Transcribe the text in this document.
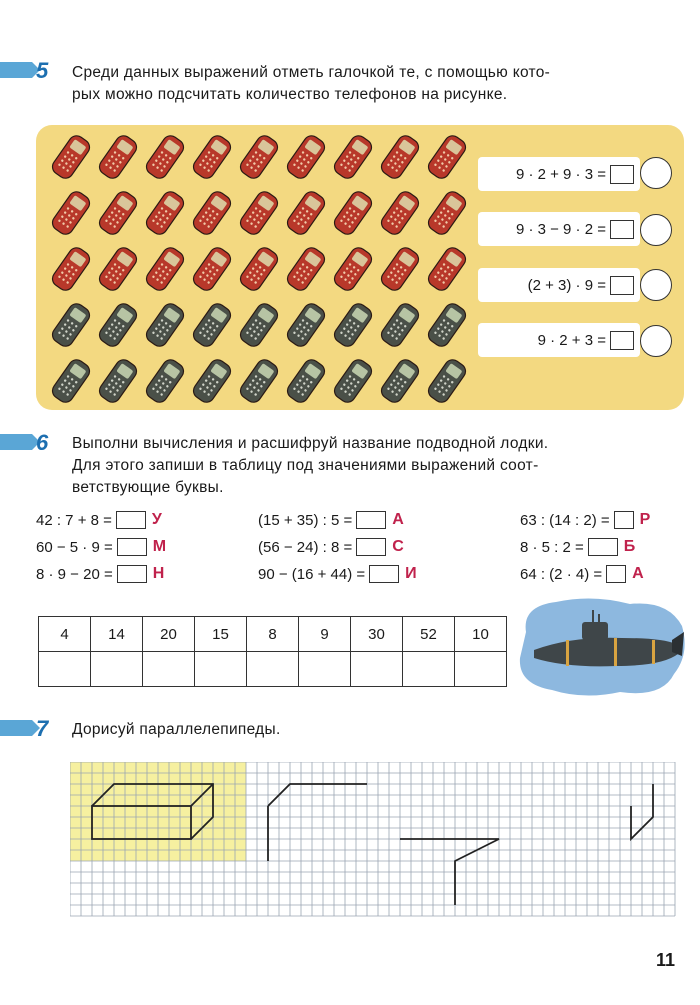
5 Среди данных выражений отметь галочкой те, с помощью кото-
рых можно подсчитать количество телефонов на рисунке.
9 · 2 + 9 · 3 =
9 · 3 − 9 · 2 =
(2 + 3) · 9 =
9 · 2 + 3 =
6 Выполни вычисления и расшифруй название подводной лодки.
Для этого запиши в таблицу под значениями выражений соот-
ветствующие буквы.
42 : 7 + 8 =	У
60 − 5 · 9 =	М
8 · 9 − 20 =	Н
(15 + 35) : 5 =	А
(56 − 24) : 8 =	С
90 − (16 + 44) =	И
63 : (14 : 2) = Р
8 · 5 : 2 =	Б
64 : (2 · 4) = А
4	14	20	15	8	9	30	52	10

7 Дорисуй параллелепипеды.
11
